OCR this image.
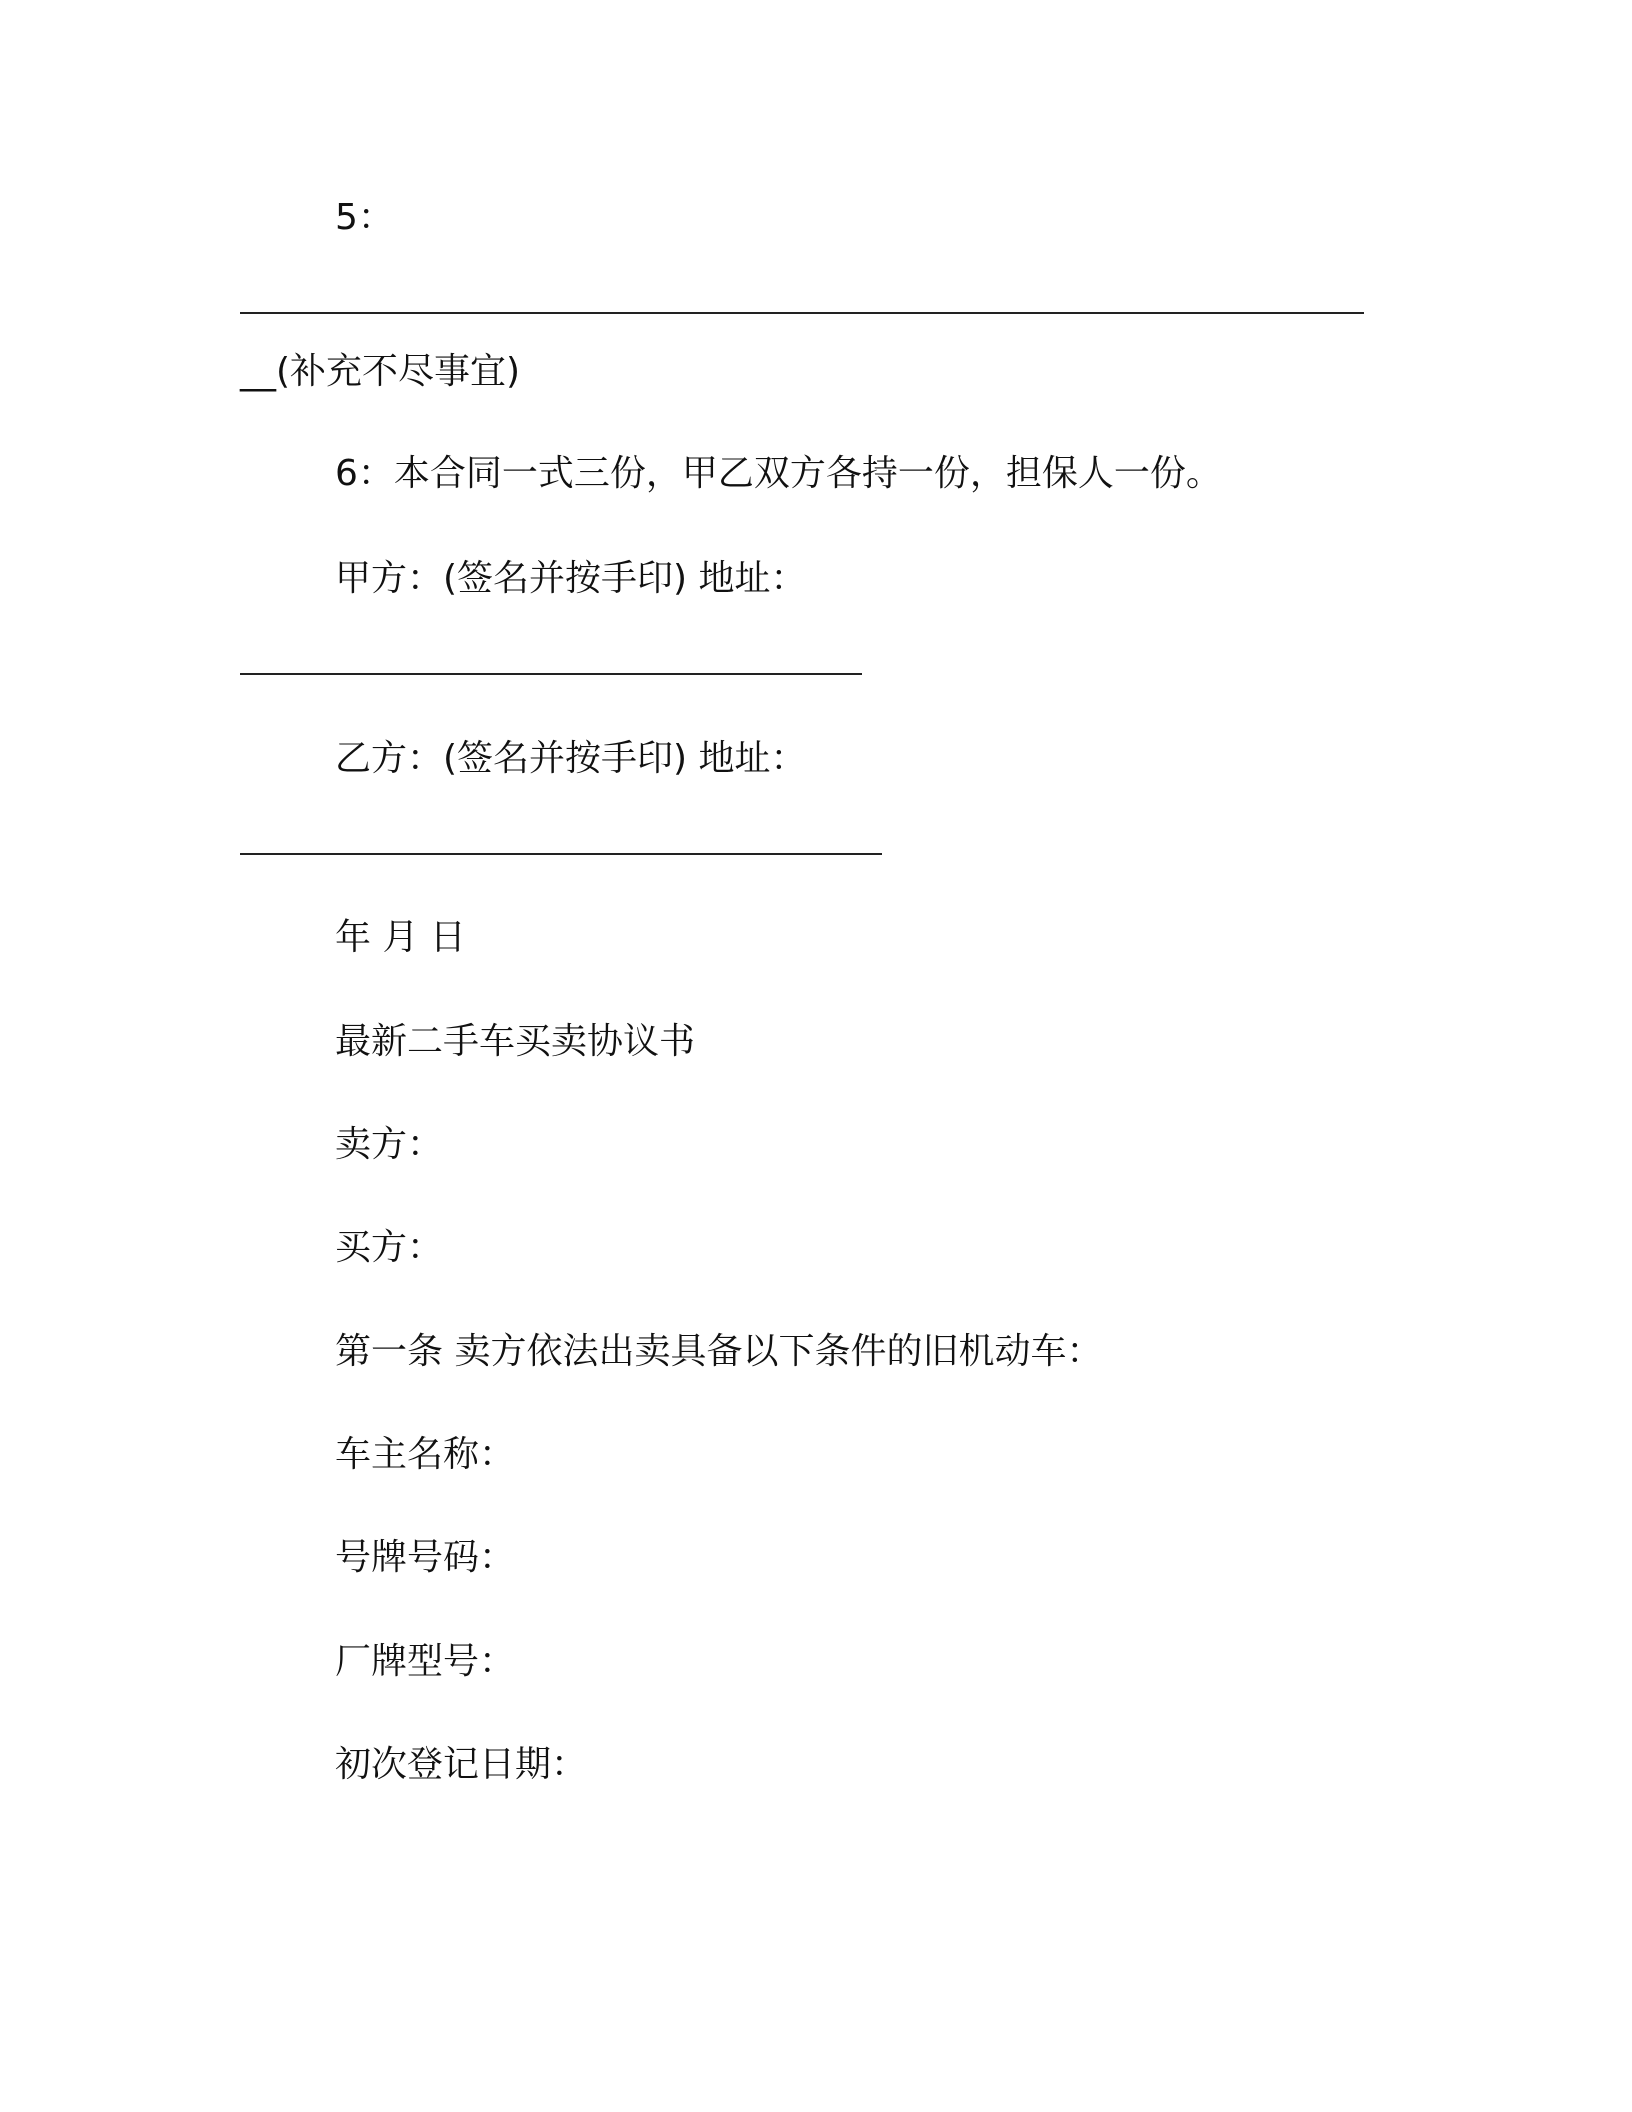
5：

__(补充不尽事宜)

6：本合同一式三份，甲乙双方各持一份，担保人一份。

甲方：(签名并按手印) 地址：

乙方：(签名并按手印) 地址：

年 月 日

最新二手车买卖协议书

卖方：

买方：

第一条 卖方依法出卖具备以下条件的旧机动车：

车主名称：

号牌号码：

厂牌型号：

初次登记日期：
